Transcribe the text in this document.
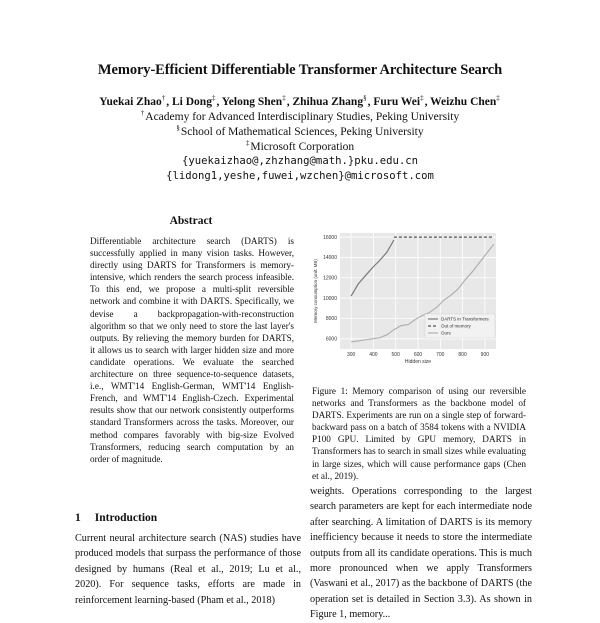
Memory-Efficient Differentiable Transformer Architecture Search
Yuekai Zhao†, Li Dong‡, Yelong Shen‡, Zhihua Zhang§, Furu Wei‡, Weizhu Chen‡
†Academy for Advanced Interdisciplinary Studies, Peking University
§School of Mathematical Sciences, Peking University
‡Microsoft Corporation
{yuekaizhao@,zhzhang@math.}pku.edu.cn
{lidong1,yeshe,fuwei,wzchen}@microsoft.com
Abstract
Differentiable architecture search (DARTS) is successfully applied in many vision tasks. However, directly using DARTS for Transformers is memory-intensive, which renders the search process infeasible. To this end, we propose a multi-split reversible network and combine it with DARTS. Specifically, we devise a backpropagation-with-reconstruction algorithm so that we only need to store the last layer's outputs. By relieving the memory burden for DARTS, it allows us to search with larger hidden size and more candidate operations. We evaluate the searched architecture on three sequence-to-sequence datasets, i.e., WMT'14 English-German, WMT'14 English-French, and WMT'14 English-Czech. Experimental results show that our network consistently outperforms standard Transformers across the tasks. Moreover, our method compares favorably with big-size Evolved Transformers, reducing search computation by an order of magnitude.
1 Introduction
Current neural architecture search (NAS) studies have produced models that surpass the performance of those designed by humans (Real et al., 2019; Lu et al., 2020). For sequence tasks, efforts are made in reinforcement learning-based (Pham et al., 2018)
6000
8000
10000
12000
14000
16000
300	400	500	600	700	800	900
Hidden size
Memory consumption (unit: MB)	DARTS in Transformers
Out of memory
Ours
Figure 1: Memory comparison of using our reversible networks and Transformers as the backbone model of DARTS. Experiments are run on a single step of forward-backward pass on a batch of 3584 tokens with a NVIDIA P100 GPU. Limited by GPU memory, DARTS in Transformers has to search in small sizes while evaluating in large sizes, which will cause performance gaps (Chen et al., 2019).
weights. Operations corresponding to the largest search parameters are kept for each intermediate node after searching. A limitation of DARTS is its memory inefficiency because it needs to store the intermediate outputs from all its candidate operations. This is much more pronounced when we apply Transformers (Vaswani et al., 2017) as the backbone of DARTS (the operation set is detailed in Section 3.3). As shown in Figure 1, memory...
